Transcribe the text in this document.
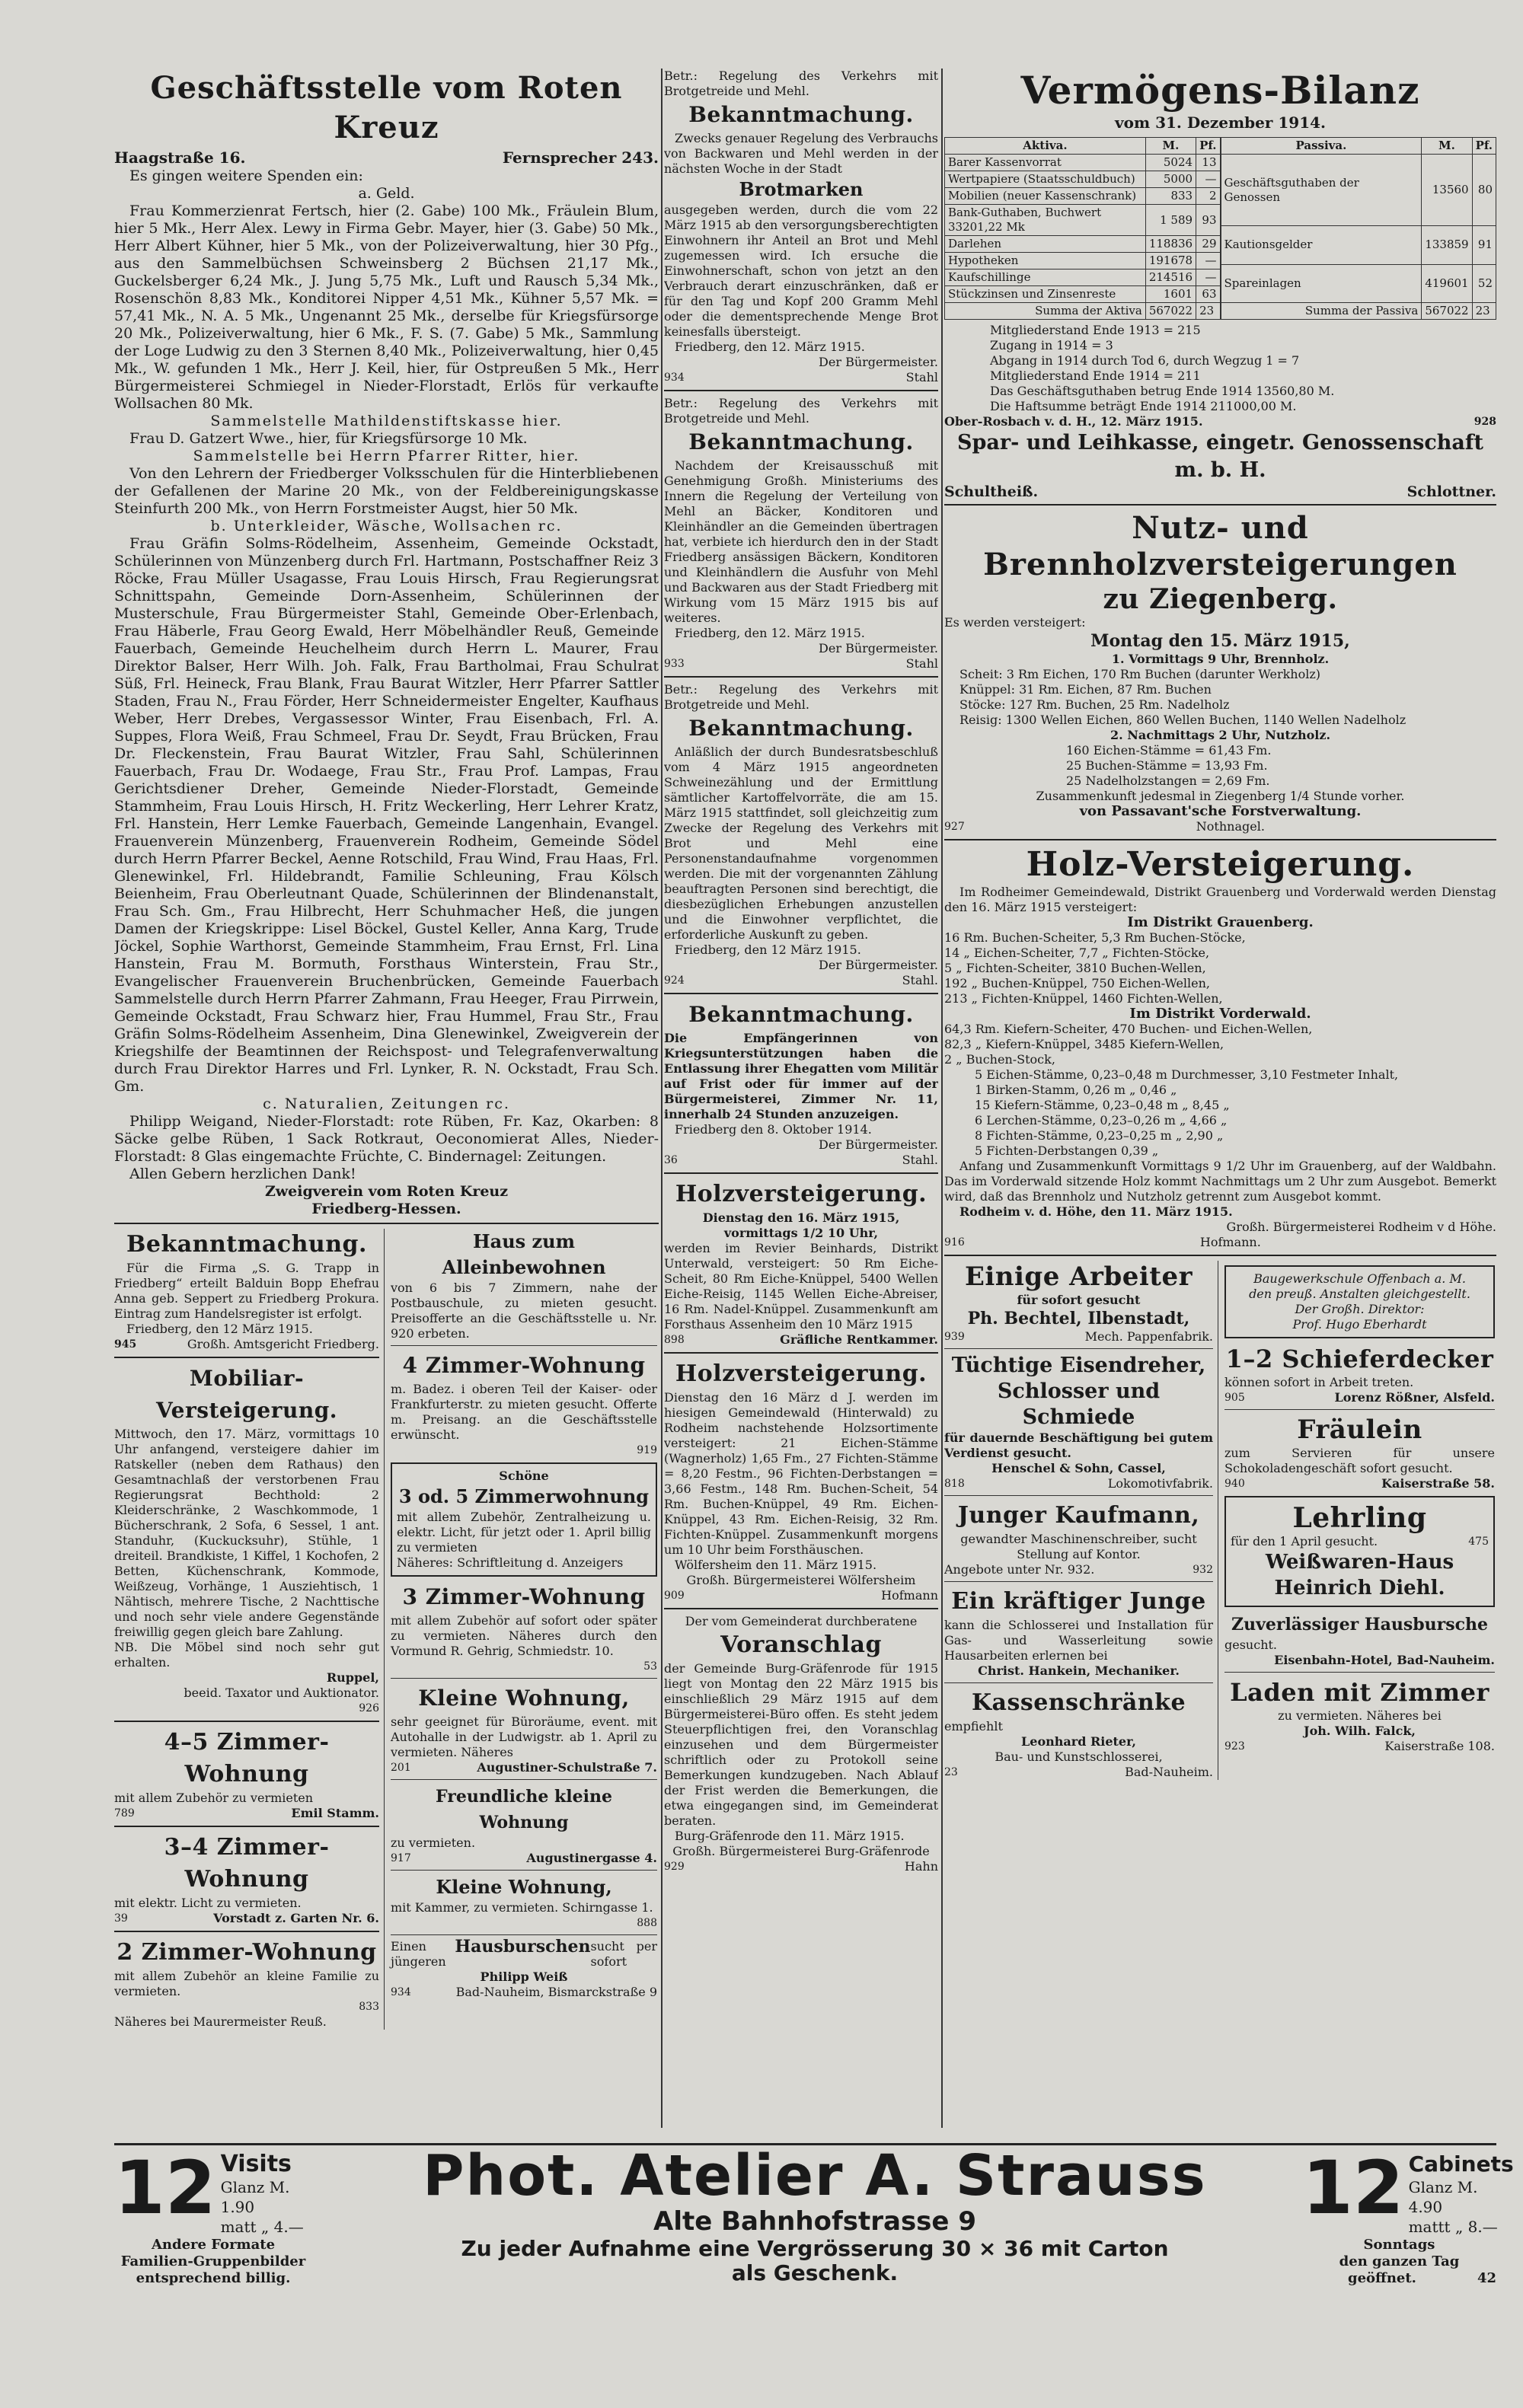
Geschäftsstelle vom Roten Kreuz
Haagstraße 16.	Fernsprecher 243.
Es gingen weitere Spenden ein:
a. Geld.
Frau Kommerzienrat Fertsch, hier (2. Gabe) 100 Mk., Fräulein Blum, hier 5 Mk., Herr Alex. Lewy in Firma Gebr. Mayer, hier (3. Gabe) 50 Mk., Herr Albert Kühner, hier 5 Mk., von der Polizeiverwaltung, hier 30 Pfg., aus den Sammelbüchsen Schweinsberg 2 Büchsen 21,17 Mk., Guckelsberger 6,24 Mk., J. Jung 5,75 Mk., Luft und Rausch 5,34 Mk., Rosenschön 8,83 Mk., Konditorei Nipper 4,51 Mk., Kühner 5,57 Mk. = 57,41 Mk., N. A. 5 Mk., Ungenannt 25 Mk., derselbe für Kriegsfürsorge 20 Mk., Polizeiverwaltung, hier 6 Mk., F. S. (7. Gabe) 5 Mk., Sammlung der Loge Ludwig zu den 3 Sternen 8,40 Mk., Polizeiverwaltung, hier 0,45 Mk., W. gefunden 1 Mk., Herr J. Keil, hier, für Ostpreußen 5 Mk., Herr Bürgermeisterei Schmiegel in Nieder-Florstadt, Erlös für verkaufte Wollsachen 80 Mk.
Sammelstelle Mathildenstiftskasse hier.
Frau D. Gatzert Wwe., hier, für Kriegsfürsorge 10 Mk.
Sammelstelle bei Herrn Pfarrer Ritter, hier.
Von den Lehrern der Friedberger Volksschulen für die Hinterbliebenen der Gefallenen der Marine 20 Mk., von der Feldbereinigungskasse Steinfurth 200 Mk., von Herrn Forstmeister Augst, hier 50 Mk.
b. Unterkleider, Wäsche, Wollsachen rc.
Frau Gräfin Solms-Rödelheim, Assenheim, Gemeinde Ockstadt, Schülerinnen von Münzenberg durch Frl. Hartmann, Postschaffner Reiz 3 Röcke, Frau Müller Usagasse, Frau Louis Hirsch, Frau Regierungsrat Schnittspahn, Gemeinde Dorn-Assenheim, Schülerinnen der Musterschule, Frau Bürgermeister Stahl, Gemeinde Ober-Erlenbach, Frau Häberle, Frau Georg Ewald, Herr Möbelhändler Reuß, Gemeinde Fauerbach, Gemeinde Heuchelheim durch Herrn L. Maurer, Frau Direktor Balser, Herr Wilh. Joh. Falk, Frau Bartholmai, Frau Schulrat Süß, Frl. Heineck, Frau Blank, Frau Baurat Witzler, Herr Pfarrer Sattler Staden, Frau N., Frau Förder, Herr Schneidermeister Engelter, Kaufhaus Weber, Herr Drebes, Vergassessor Winter, Frau Eisenbach, Frl. A. Suppes, Flora Weiß, Frau Schmeel, Frau Dr. Seydt, Frau Brücken, Frau Dr. Fleckenstein, Frau Baurat Witzler, Frau Sahl, Schülerinnen Fauerbach, Frau Dr. Wodaege, Frau Str., Frau Prof. Lampas, Frau Gerichtsdiener Dreher, Gemeinde Nieder-Florstadt, Gemeinde Stammheim, Frau Louis Hirsch, H. Fritz Weckerling, Herr Lehrer Kratz, Frl. Hanstein, Herr Lemke Fauerbach, Gemeinde Langenhain, Evangel. Frauenverein Münzenberg, Frauenverein Rodheim, Gemeinde Södel durch Herrn Pfarrer Beckel, Aenne Rotschild, Frau Wind, Frau Haas, Frl. Glenewinkel, Frl. Hildebrandt, Familie Schleuning, Frau Kölsch Beienheim, Frau Oberleutnant Quade, Schülerinnen der Blindenanstalt, Frau Sch. Gm., Frau Hilbrecht, Herr Schuhmacher Heß, die jungen Damen der Kriegskrippe: Lisel Böckel, Gustel Keller, Anna Karg, Trude Jöckel, Sophie Warthorst, Gemeinde Stammheim, Frau Ernst, Frl. Lina Hanstein, Frau M. Bormuth, Forsthaus Winterstein, Frau Str., Evangelischer Frauenverein Bruchenbrücken, Gemeinde Fauerbach Sammelstelle durch Herrn Pfarrer Zahmann, Frau Heeger, Frau Pirrwein, Gemeinde Ockstadt, Frau Schwarz hier, Frau Hummel, Frau Str., Frau Gräfin Solms-Rödelheim Assenheim, Dina Glenewinkel, Zweigverein der Kriegshilfe der Beamtinnen der Reichspost- und Telegrafenverwaltung durch Frau Direktor Harres und Frl. Lynker, R. N. Ockstadt, Frau Sch. Gm.
c. Naturalien, Zeitungen rc.
Philipp Weigand, Nieder-Florstadt: rote Rüben, Fr. Kaz, Okarben: 8 Säcke gelbe Rüben, 1 Sack Rotkraut, Oeconomierat Alles, Nieder-Florstadt: 8 Glas eingemachte Früchte, C. Bindernagel: Zeitungen.
Allen Gebern herzlichen Dank!
Zweigverein vom Roten Kreuz
Friedberg-Hessen.
Bekanntmachung.
Für die Firma „S. G. Trapp in Friedberg“ erteilt Balduin Bopp Ehefrau Anna geb. Seppert zu Friedberg Prokura. Eintrag zum Handelsregister ist erfolgt.
Friedberg, den 12 März 1915.
945	Großh. Amtsgericht Friedberg.
Mobiliar-Versteigerung.
Mittwoch, den 17. März, vormittags 10 Uhr anfangend, versteigere dahier im Ratskeller (neben dem Rathaus) den Gesamtnachlaß der verstorbenen Frau Regierungsrat Bechthold: 2 Kleiderschränke, 2 Waschkommode, 1 Bücherschrank, 2 Sofa, 6 Sessel, 1 ant. Standuhr, (Kuckucksuhr), Stühle, 1 dreiteil. Brandkiste, 1 Kiffel, 1 Kochofen, 2 Betten, Küchenschrank, Kommode, Weißzeug, Vorhänge, 1 Ausziehtisch, 1 Nähtisch, mehrere Tische, 2 Nachttische und noch sehr viele andere Gegenstände freiwillig gegen gleich bare Zahlung.
NB. Die Möbel sind noch sehr gut erhalten.
Ruppel,
beeid. Taxator und Auktionator.
926
4–5 Zimmer-Wohnung
mit allem Zubehör zu vermieten
789	Emil Stamm.
3–4 Zimmer-Wohnung
mit elektr. Licht zu vermieten.
39	Vorstadt z. Garten Nr. 6.
2 Zimmer-Wohnung
mit allem Zubehör an kleine Familie zu vermieten.
833
Näheres bei Maurermeister Reuß.
Haus zum Alleinbewohnen
von 6 bis 7 Zimmern, nahe der Postbauschule, zu mieten gesucht. Preisofferte an die Geschäftsstelle u. Nr. 920 erbeten.
4 Zimmer-Wohnung
m. Badez. i oberen Teil der Kaiser- oder Frankfurterstr. zu mieten gesucht. Offerte m. Preisang. an die Geschäftsstelle erwünscht.
919
Schöne
3 od. 5 Zimmerwohnung
mit allem Zubehör, Zentralheizung u. elektr. Licht, für jetzt oder 1. April billig zu vermieten
Näheres: Schriftleitung d. Anzeigers
3 Zimmer-Wohnung
mit allem Zubehör auf sofort oder später zu vermieten. Näheres durch den Vormund R. Gehrig, Schmiedstr. 10.
53
Kleine Wohnung,
sehr geeignet für Büroräume, event. mit Autohalle in der Ludwigstr. ab 1. April zu vermieten. Näheres
201	Augustiner-Schulstraße 7.
Freundliche kleine Wohnung
zu vermieten.
917	Augustinergasse 4.
Kleine Wohnung,
mit Kammer, zu vermieten. Schirngasse 1.
888
Einen jüngeren
Hausburschen sucht per sofort
Philipp Weiß
934	Bad-Nauheim, Bismarckstraße 9
Betr.: Regelung des Verkehrs mit Brotgetreide und Mehl.
Bekanntmachung.
Zwecks genauer Regelung des Verbrauchs von Backwaren und Mehl werden in der nächsten Woche in der Stadt
Brotmarken
ausgegeben werden, durch die vom 22 März 1915 ab den versorgungsberechtigten Einwohnern ihr Anteil an Brot und Mehl zugemessen wird. Ich ersuche die Einwohnerschaft, schon von jetzt an den Verbrauch derart einzuschränken, daß er für den Tag und Kopf 200 Gramm Mehl oder die dementsprechende Menge Brot keinesfalls übersteigt.
Friedberg, den 12. März 1915.
Der Bürgermeister.
934	Stahl
Betr.: Regelung des Verkehrs mit Brotgetreide und Mehl.
Bekanntmachung.
Nachdem der Kreisausschuß mit Genehmigung Großh. Ministeriums des Innern die Regelung der Verteilung von Mehl an Bäcker, Konditoren und Kleinhändler an die Gemeinden übertragen hat, verbiete ich hierdurch den in der Stadt Friedberg ansässigen Bäckern, Konditoren und Kleinhändlern die Ausfuhr von Mehl und Backwaren aus der Stadt Friedberg mit Wirkung vom 15 März 1915 bis auf weiteres.
Friedberg, den 12. März 1915.
Der Bürgermeister.
933	Stahl
Betr.: Regelung des Verkehrs mit Brotgetreide und Mehl.
Bekanntmachung.
Anläßlich der durch Bundesratsbeschluß vom 4 März 1915 angeordneten Schweinezählung und der Ermittlung sämtlicher Kartoffelvorräte, die am 15. März 1915 stattfindet, soll gleichzeitig zum Zwecke der Regelung des Verkehrs mit Brot und Mehl eine Personenstandaufnahme vorgenommen werden. Die mit der vorgenannten Zählung beauftragten Personen sind berechtigt, die diesbezüglichen Erhebungen anzustellen und die Einwohner verpflichtet, die erforderliche Auskunft zu geben.
Friedberg, den 12 März 1915.
Der Bürgermeister.
924	Stahl.
Bekanntmachung.
Die Empfängerinnen von Kriegsunterstützungen haben die Entlassung ihrer Ehegatten vom Militär auf Frist oder für immer auf der Bürgermeisterei, Zimmer Nr. 11, innerhalb 24 Stunden anzuzeigen.
Friedberg den 8. Oktober 1914.
Der Bürgermeister.
36	Stahl.
Holzversteigerung.
Dienstag den 16. März 1915, vormittags 1/2 10 Uhr,
werden im Revier Beinhards, Distrikt Unterwald, versteigert: 50 Rm Eiche-Scheit, 80 Rm Eiche-Knüppel, 5400 Wellen Eiche-Reisig, 1145 Wellen Eiche-Abreiser, 16 Rm. Nadel-Knüppel. Zusammenkunft am Forsthaus Assenheim den 10 März 1915
898	Gräfliche Rentkammer.
Holzversteigerung.
Dienstag den 16 März d J. werden im hiesigen Gemeindewald (Hinterwald) zu Rodheim nachstehende Holzsortimente versteigert: 21 Eichen-Stämme (Wagnerholz) 1,65 Fm., 27 Fichten-Stämme = 8,20 Festm., 96 Fichten-Derbstangen = 3,66 Festm., 148 Rm. Buchen-Scheit, 54 Rm. Buchen-Knüppel, 49 Rm. Eichen-Knüppel, 43 Rm. Eichen-Reisig, 32 Rm. Fichten-Knüppel. Zusammenkunft morgens um 10 Uhr beim Forsthäuschen.
Wölfersheim den 11. März 1915.
Großh. Bürgermeisterei Wölfersheim
909	Hofmann
Der vom Gemeinderat durchberatene
Voranschlag
der Gemeinde Burg-Gräfenrode für 1915 liegt von Montag den 22 März 1915 bis einschließlich 29 März 1915 auf dem Bürgermeisterei-Büro offen. Es steht jedem Steuerpflichtigen frei, den Voranschlag einzusehen und dem Bürgermeister schriftlich oder zu Protokoll seine Bemerkungen kundzugeben. Nach Ablauf der Frist werden die Bemerkungen, die etwa eingegangen sind, im Gemeinderat beraten.
Burg-Gräfenrode den 11. März 1915.
Großh. Bürgermeisterei Burg-Gräfenrode
929	Hahn
Vermögens-Bilanz
vom 31. Dezember 1914.
Aktiva.	M.	Pf.
Barer Kassenvorrat	5024	13
Wertpapiere (Staatsschuldbuch)	5000	—
Mobilien (neuer Kassenschrank)	833	2
Bank-Guthaben, Buchwert 33201,22 Mk	1 589	93
Darlehen	118836	29
Hypotheken	191678	—
Kaufschillinge	214516	—
Stückzinsen und Zinsenreste	1601	63
Summa der Aktiva	567022	23
Passiva.	M.	Pf.
Geschäftsguthaben der Genossen	13560	80
Kautionsgelder	133859	91
Spareinlagen	419601	52
Summa der Passiva	567022	23
Mitgliederstand Ende 1913 = 215
Zugang in 1914 = 3
Abgang in 1914 durch Tod 6, durch Wegzug 1 = 7
Mitgliederstand Ende 1914 = 211
Das Geschäftsguthaben betrug Ende 1914 13560,80 M.
Die Haftsumme beträgt Ende 1914 211000,00 M.
Ober-Rosbach v. d. H., 12. März 1915.	928
Spar- und Leihkasse, eingetr. Genossenschaft m. b. H.
Schultheiß.	Schlottner.
Nutz- und Brennholzversteigerungen
zu Ziegenberg.
Es werden versteigert:
Montag den 15. März 1915,
1. Vormittags 9 Uhr, Brennholz.
Scheit: 3 Rm Eichen, 170 Rm Buchen (darunter Werkholz)
Knüppel: 31 Rm. Eichen, 87 Rm. Buchen
Stöcke: 127 Rm. Buchen, 25 Rm. Nadelholz
Reisig: 1300 Wellen Eichen, 860 Wellen Buchen, 1140 Wellen Nadelholz
2. Nachmittags 2 Uhr, Nutzholz.
160 Eichen-Stämme = 61,43 Fm.
25 Buchen-Stämme = 13,93 Fm.
25 Nadelholzstangen = 2,69 Fm.
Zusammenkunft jedesmal in Ziegenberg 1/4 Stunde vorher.
von Passavant'sche Forstverwaltung.
927	Nothnagel.
Holz-Versteigerung.
Im Rodheimer Gemeindewald, Distrikt Grauenberg und Vorderwald werden Dienstag den 16. März 1915 versteigert:
Im Distrikt Grauenberg.
16 Rm. Buchen-Scheiter, 5,3 Rm Buchen-Stöcke,
14 „ Eichen-Scheiter, 7,7 „ Fichten-Stöcke,
5 „ Fichten-Scheiter, 3810 Buchen-Wellen,
192 „ Buchen-Knüppel, 750 Eichen-Wellen,
213 „ Fichten-Knüppel, 1460 Fichten-Wellen,
Im Distrikt Vorderwald.
64,3 Rm. Kiefern-Scheiter, 470 Buchen- und Eichen-Wellen,
82,3 „ Kiefern-Knüppel, 3485 Kiefern-Wellen,
2 „ Buchen-Stock,
5 Eichen-Stämme, 0,23–0,48 m Durchmesser, 3,10 Festmeter Inhalt,
1 Birken-Stamm, 0,26 m „ 0,46 „
15 Kiefern-Stämme, 0,23–0,48 m „ 8,45 „
6 Lerchen-Stämme, 0,23–0,26 m „ 4,66 „
8 Fichten-Stämme, 0,23–0,25 m „ 2,90 „
5 Fichten-Derbstangen 0,39 „
Anfang und Zusammenkunft Vormittags 9 1/2 Uhr im Grauenberg, auf der Waldbahn. Das im Vorderwald sitzende Holz kommt Nachmittags um 2 Uhr zum Ausgebot. Bemerkt wird, daß das Brennholz und Nutzholz getrennt zum Ausgebot kommt.
Rodheim v. d. Höhe, den 11. März 1915.
Großh. Bürgermeisterei Rodheim v d Höhe.
916	Hofmann.
Einige Arbeiter
für sofort gesucht
Ph. Bechtel, Ilbenstadt,
939	Mech. Pappenfabrik.
Tüchtige Eisendreher, Schlosser und Schmiede
für dauernde Beschäftigung bei gutem Verdienst gesucht.
Henschel & Sohn, Cassel,
818	Lokomotivfabrik.
Junger Kaufmann,
gewandter Maschinenschreiber, sucht Stellung auf Kontor.
Angebote unter Nr. 932.	932
Ein kräftiger Junge
kann die Schlosserei und Installation für Gas- und Wasserleitung sowie Hausarbeiten erlernen bei
Christ. Hankein, Mechaniker.
Kassenschränke
empfiehlt
Leonhard Rieter,
Bau- und Kunstschlosserei,
23	Bad-Nauheim.
Baugewerkschule Offenbach a. M.
den preuß. Anstalten gleichgestellt.
Der Großh. Direktor:
Prof. Hugo Eberhardt
1–2 Schieferdecker
können sofort in Arbeit treten.
905	Lorenz Rößner, Alsfeld.
Fräulein
zum Servieren für unsere Schokoladengeschäft sofort gesucht.
940	Kaiserstraße 58.
Lehrling
für den 1 April gesucht.	475
Weißwaren-Haus
Heinrich Diehl.
Zuverlässiger Hausbursche
gesucht.
Eisenbahn-Hotel, Bad-Nauheim.
Laden mit Zimmer
zu vermieten. Näheres bei
Joh. Wilh. Falck,
923	Kaiserstraße 108.
12 Visits
Glanz M. 1.90
matt „ 4.—
Andere Formate
Familien-Gruppenbilder
entsprechend billig.
Phot. Atelier A. Strauss
Alte Bahnhofstrasse 9
Zu jeder Aufnahme eine Vergrösserung 30 × 36 mit Carton
als Geschenk.
12 Cabinets
Glanz M. 4.90
mattt „ 8.—
Sonntags
den ganzen Tag
geöffnet.	42
